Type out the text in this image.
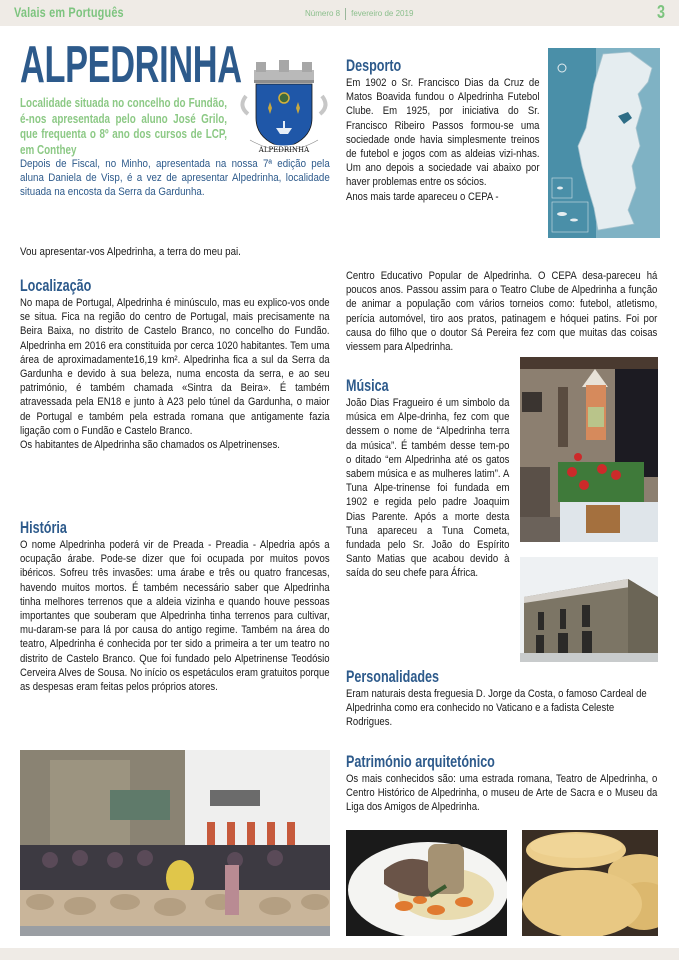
Valais em Português	Número 8 fevereiro de 2019	3
ALPEDRINHA
Localidade situada no concelho do Fundão, é-nos apresentada pelo aluno José Grilo, que frequenta o 8º ano dos cursos de LCP, em Conthey	ALPEDRINHA
Depois de Fiscal, no Minho, apresentada na nossa 7ª edição pela aluna Daniela de Visp, é a vez de apresentar Alpedrinha, localidade situada na encosta da Serra da Gardunha.
Vou apresentar-vos Alpedrinha, a terra do meu pai.
Localização

No mapa de Portugal, Alpedrinha é minúsculo, mas eu explico-vos onde se situa. Fica na região do centro de Portugal, mais precisamente na Beira Baixa, no distrito de Castelo Branco, no concelho do Fundão. Alpedrinha em 2016 era constituida por cerca 1020 habitantes. Tem uma área de aproximadamente16,19 km². Alpedrinha fica a sul da Serra da Gardunha e devido à sua beleza, numa encosta da serra, e ao seu património, é também chamada «Sintra da Beira». É também atravessada pela EN18 e junto à A23 pelo túnel da Gardunha, o maior de Portugal e também pela estrada romana que antigamente fazia ligação com o Fundão e Castelo Branco.

Os habitantes de Alpedrinha são chamados os Alpetrinenses.

História

O nome Alpedrinha poderá vir de Preada - Preadia - Alpedria após a ocupação árabe. Pode-se dizer que foi ocupada por muitos povos ibéricos. Sofreu três invasões: uma árabe e três ou quatro francesas, havendo muitos mortos. É também necessário saber que Alpedrinha tinha melhores terrenos que a aldeia vizinha e quando houve pessoas importantes que souberam que Alpedrinha tinha terrenos para cultivar, mu-daram-se para lá por causa do antigo regime. Também na área do teatro, Alpedrinha é conhecida por ter sido a primeira a ter um teatro no distrito de Castelo Branco. Que foi fundado pelo Alpetrinense Teodósio Cerveira Alves de Sousa. No início os espetáculos eram gratuitos porque as despesas eram feitas pelos próprios atores.

Desporto

Em 1902 o Sr. Francisco Dias da Cruz de Matos Boavida fundou o Alpedrinha Futebol Clube. Em 1925, por iniciativa do Sr. Francisco Ribeiro Passos formou-se uma sociedade onde havia simplesmente treinos de futebol e jogos com as aldeias vizi-nhas. Um ano depois a sociedade vai abaixo por haver problemas entre os sócios.

Anos mais tarde apareceu o CEPA -

Centro Educativo Popular de Alpedrinha. O CEPA desa-pareceu há poucos anos. Passou assim para o Teatro Clube de Alpedrinha a função de animar a população com vários torneios como: futebol, atletismo, perícia automóvel, tiro aos pratos, patinagem e hóquei patins. Foi por causa do filho que o doutor Sá Pereira fez com que muitas das coisas viessem para Alpedrinha.

Música

João Dias Fragueiro é um simbolo da música em Alpe-drinha, fez com que dessem o nome de “Alpedrinha terra da música”. É também desse tem-po o ditado “em Alpedrinha até os gatos sabem música e as mulheres latim”. A Tuna Alpe-trinense foi fundada em 1902 e regida pelo padre Joaquim Dias Parente. Após a morte desta Tuna apareceu a Tuna Cometa, fundada pelo Sr. João do Espírito Santo Matias que acabou devido à saída do seu chefe para África.

Personalidades

Eram naturais desta freguesia D. Jorge da Costa, o famoso Cardeal de Alpedrinha como era conhecido no Vaticano e a fadista Celeste Rodrigues.

Património arquitetónico

Os mais conhecidos são: uma estrada romana, Teatro de Alpedrinha, o Centro Histórico de Alpedrinha, o museu de Arte de Sacra e o Museu da Liga dos Amigos de Alpedrinha.
